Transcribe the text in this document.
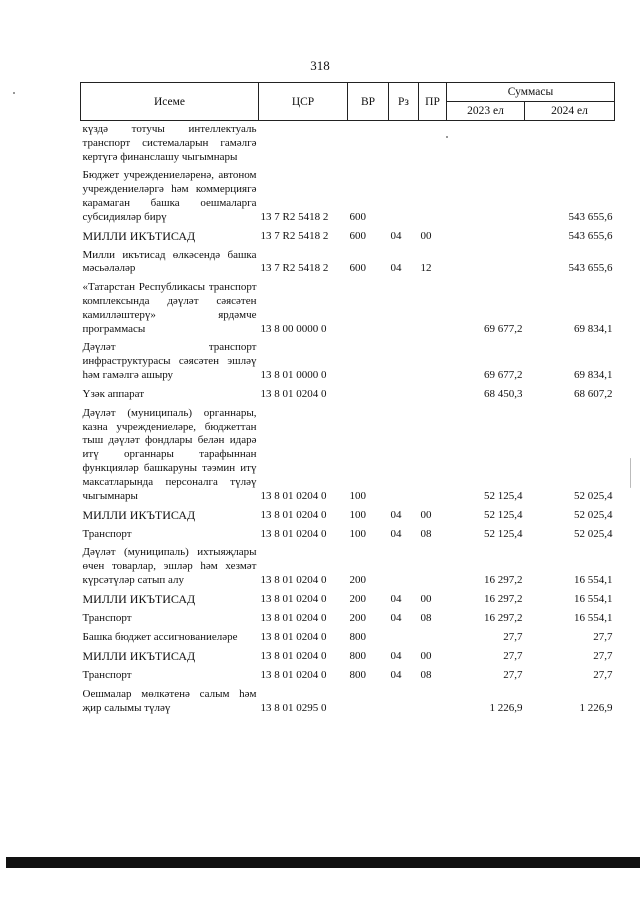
318
Исеме	ЦСР	ВР	Рз	ПР	Суммасы	
					2023 ел	2024 ел
күздә тотучы интеллектуаль транспорт системаларын гамәлгә кертүгә финанслашу чыгымнары						
Бюджет учреждениеләренә, автоном учреждениеләргә һәм коммерциягә карамаган башка оешмаларга субсидияләр бирү	13 7 R2 5418 2	600				543 655,6
МИЛЛИ ИКЪТИСАД	13 7 R2 5418 2	600	04	00		543 655,6
Милли икътисад өлкәсендә башка мәсьәләләр	13 7 R2 5418 2	600	04	12		543 655,6
«Татарстан Республикасы транспорт комплексында дәүләт сәясәтен камилләштерү» ярдәмче программасы	13 8 00 0000 0				69 677,2	69 834,1
Дәүләт транспорт инфраструктурасы сәясәтен эшләү һәм гамәлгә ашыру	13 8 01 0000 0				69 677,2	69 834,1
Үзәк аппарат	13 8 01 0204 0				68 450,3	68 607,2
Дәүләт (муниципаль) органнары, казна учреждениеләре, бюджеттан тыш дәүләт фондлары белән идарә итү органнары тарафыннан функцияләр башкаруны тәэмин итү максатларында персоналга түләү чыгымнары	13 8 01 0204 0	100			52 125,4	52 025,4
МИЛЛИ ИКЪТИСАД	13 8 01 0204 0	100	04	00	52 125,4	52 025,4
Транспорт	13 8 01 0204 0	100	04	08	52 125,4	52 025,4
Дәүләт (муниципаль) ихтыяҗлары өчен товарлар, эшләр һәм хезмәт күрсәтүләр сатып алу	13 8 01 0204 0	200			16 297,2	16 554,1
МИЛЛИ ИКЪТИСАД	13 8 01 0204 0	200	04	00	16 297,2	16 554,1
Транспорт	13 8 01 0204 0	200	04	08	16 297,2	16 554,1
Башка бюджет ассигнованиеләре	13 8 01 0204 0	800			27,7	27,7
МИЛЛИ ИКЪТИСАД	13 8 01 0204 0	800	04	00	27,7	27,7
Транспорт	13 8 01 0204 0	800	04	08	27,7	27,7
Оешмалар мөлкәтенә салым һәм җир салымы түләү	13 8 01 0295 0				1 226,9	1 226,9
